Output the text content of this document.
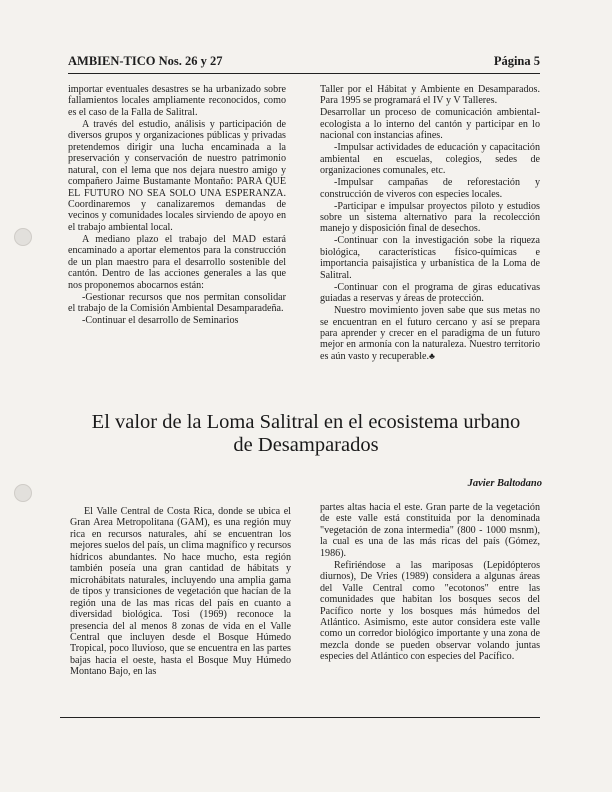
AMBIEN-TICO Nos. 26 y 27	Página 5

importar eventuales desastres se ha urbanizado sobre fallamientos locales ampliamente reconocidos, como es el caso de la Falla de Salitral.

A través del estudio, análisis y participación de diversos grupos y organizaciones públicas y privadas pretendemos dirigir una lucha encaminada a la preservación y conservación de nuestro patrimonio natural, con el lema que nos dejara nuestro amigo y compañero Jaime Bustamante Montaño: PARA QUE EL FUTURO NO SEA SOLO UNA ESPERANZA. Coordinaremos y canalizaremos demandas de vecinos y comunidades locales sirviendo de apoyo en el trabajo ambiental local.

A mediano plazo el trabajo del MAD estará encaminado a aportar elementos para la construcción de un plan maestro para el desarrollo sostenible del cantón. Dentro de las acciones generales a las que nos proponemos abocarnos están:

-Gestionar recursos que nos permitan consolidar el trabajo de la Comisión Ambiental Desamparadeña.

-Continuar el desarrollo de Seminarios

Taller por el Hábitat y Ambiente en Desamparados. Para 1995 se programará el IV y V Talleres.

Desarrollar un proceso de comunicación ambiental-ecologista a lo interno del cantón y participar en lo nacional con instancias afines.

-Impulsar actividades de educación y capacitación ambiental en escuelas, colegios, sedes de organizaciones comunales, etc.

-Impulsar campañas de reforestación y construcción de viveros con especies locales.

-Participar e impulsar proyectos piloto y estudios sobre un sistema alternativo para la recolección manejo y disposición final de desechos.

-Continuar con la investigación sobe la riqueza biológica, características físico-químicas e importancia paisajística y urbanística de la Loma de Salitral.

-Continuar con el programa de giras educativas guiadas a reservas y áreas de protección.

Nuestro movimiento joven sabe que sus metas no se encuentran en el futuro cercano y así se prepara para aprender y crecer en el paradigma de un futuro mejor en armonía con la naturaleza. Nuestro territorio es aún vasto y recuperable.♣

El valor de la Loma Salitral en el ecosistema urbano
de Desamparados
Javier Baltodano

El Valle Central de Costa Rica, donde se ubica el Gran Area Metropolitana (GAM), es una región muy rica en recursos naturales, ahí se encuentran los mejores suelos del país, un clima magnífico y recursos hídricos abundantes. No hace mucho, esta región también poseía una gran cantidad de hábitats y microhábitats naturales, incluyendo una amplia gama de tipos y transiciones de vegetación que hacían de la región una de las mas ricas del país en cuanto a diversidad biológica. Tosi (1969) reconoce la presencia del al menos 8 zonas de vida en el Valle Central que incluyen desde el Bosque Húmedo Tropical, poco lluvioso, que se encuentra en las partes bajas hacia el oeste, hasta el Bosque Muy Húmedo Montano Bajo, en las

partes altas hacia el este. Gran parte de la vegetación de este valle está constituida por la denominada "vegetación de zona intermedia" (800 - 1000 msnm), la cual es una de las más ricas del país (Gómez, 1986).

Refiriéndose a las mariposas (Lepidópteros diurnos), De Vries (1989) considera a algunas áreas del Valle Central como "ecotonos" entre las comunidades que habitan los bosques secos del Pacífico norte y los bosques más húmedos del Atlántico. Asimismo, este autor considera este valle como un corredor biológico importante y una zona de mezcla donde se pueden observar volando juntas especies del Atlántico con especies del Pacífico.
